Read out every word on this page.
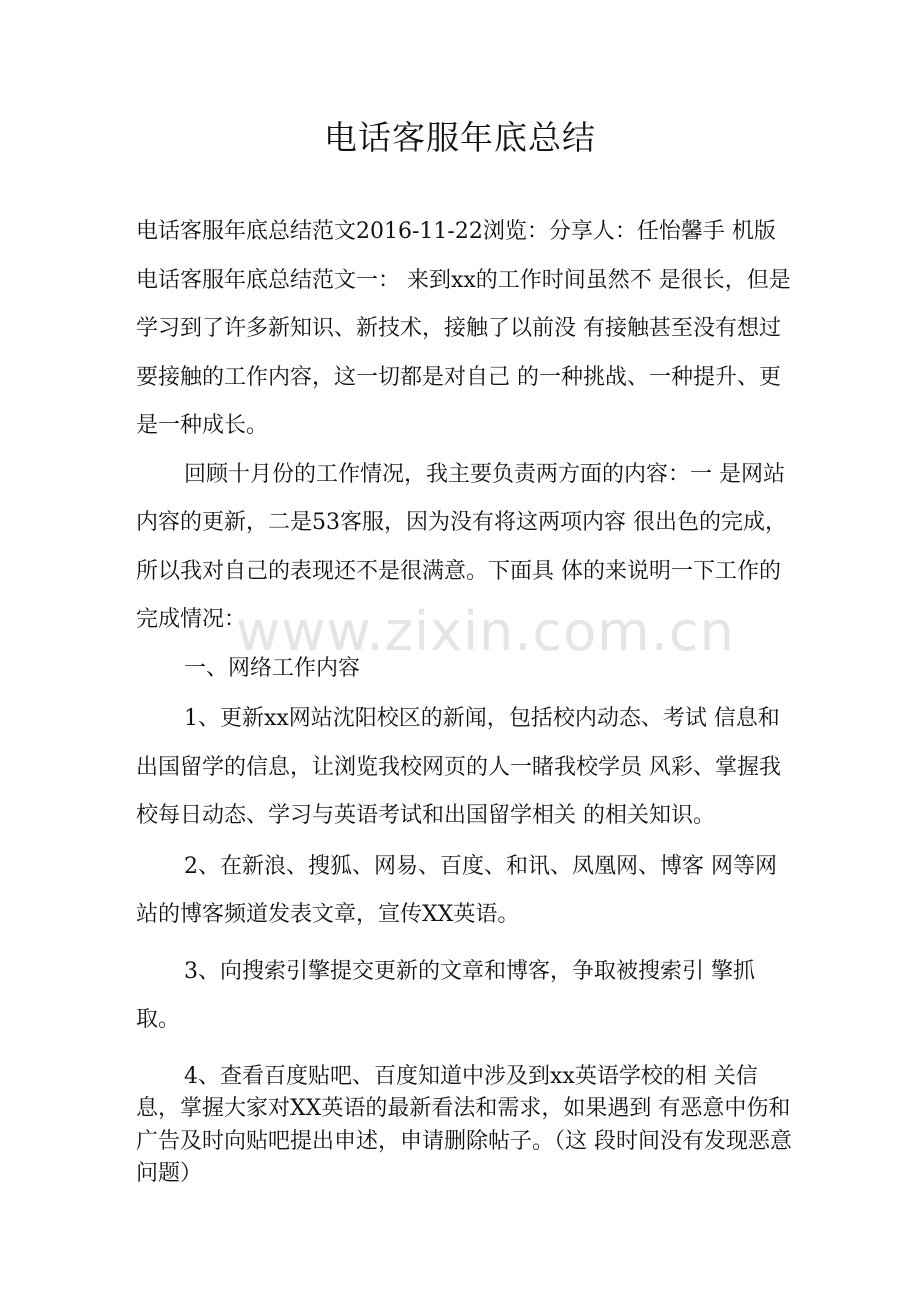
电话客服年底总结

电话客服年底总结范文2016-11-22浏览：分享人：任怡馨手 机版电话客服年底总结范文一： 来到xx的工作时间虽然不 是很长，但是学习到了许多新知识、新技术，接触了以前没 有接触甚至没有想过要接触的工作内容，这一切都是对自己 的一种挑战、一种提升、更是一种成长。

回顾十月份的工作情况，我主要负责两方面的内容：一 是网站内容的更新，二是53客服，因为没有将这两项内容 很出色的完成，所以我对自己的表现还不是很满意。下面具 体的来说明一下工作的完成情况：

一、网络工作内容

1、更新xx网站沈阳校区的新闻，包括校内动态、考试 信息和出国留学的信息，让浏览我校网页的人一睹我校学员 风彩、掌握我校每日动态、学习与英语考试和出国留学相关 的相关知识。

2、在新浪、搜狐、网易、百度、和讯、凤凰网、博客 网等网站的博客频道发表文章，宣传XX英语。

3、向搜索引擎提交更新的文章和博客，争取被搜索引 擎抓取。

4、查看百度贴吧、百度知道中涉及到xx英语学校的相 关信息，掌握大家对XX英语的最新看法和需求，如果遇到 有恶意中伤和广告及时向贴吧提出申述，申请删除帖子。（这 段时间没有发现恶意问题）

www.zixin.com.cn
